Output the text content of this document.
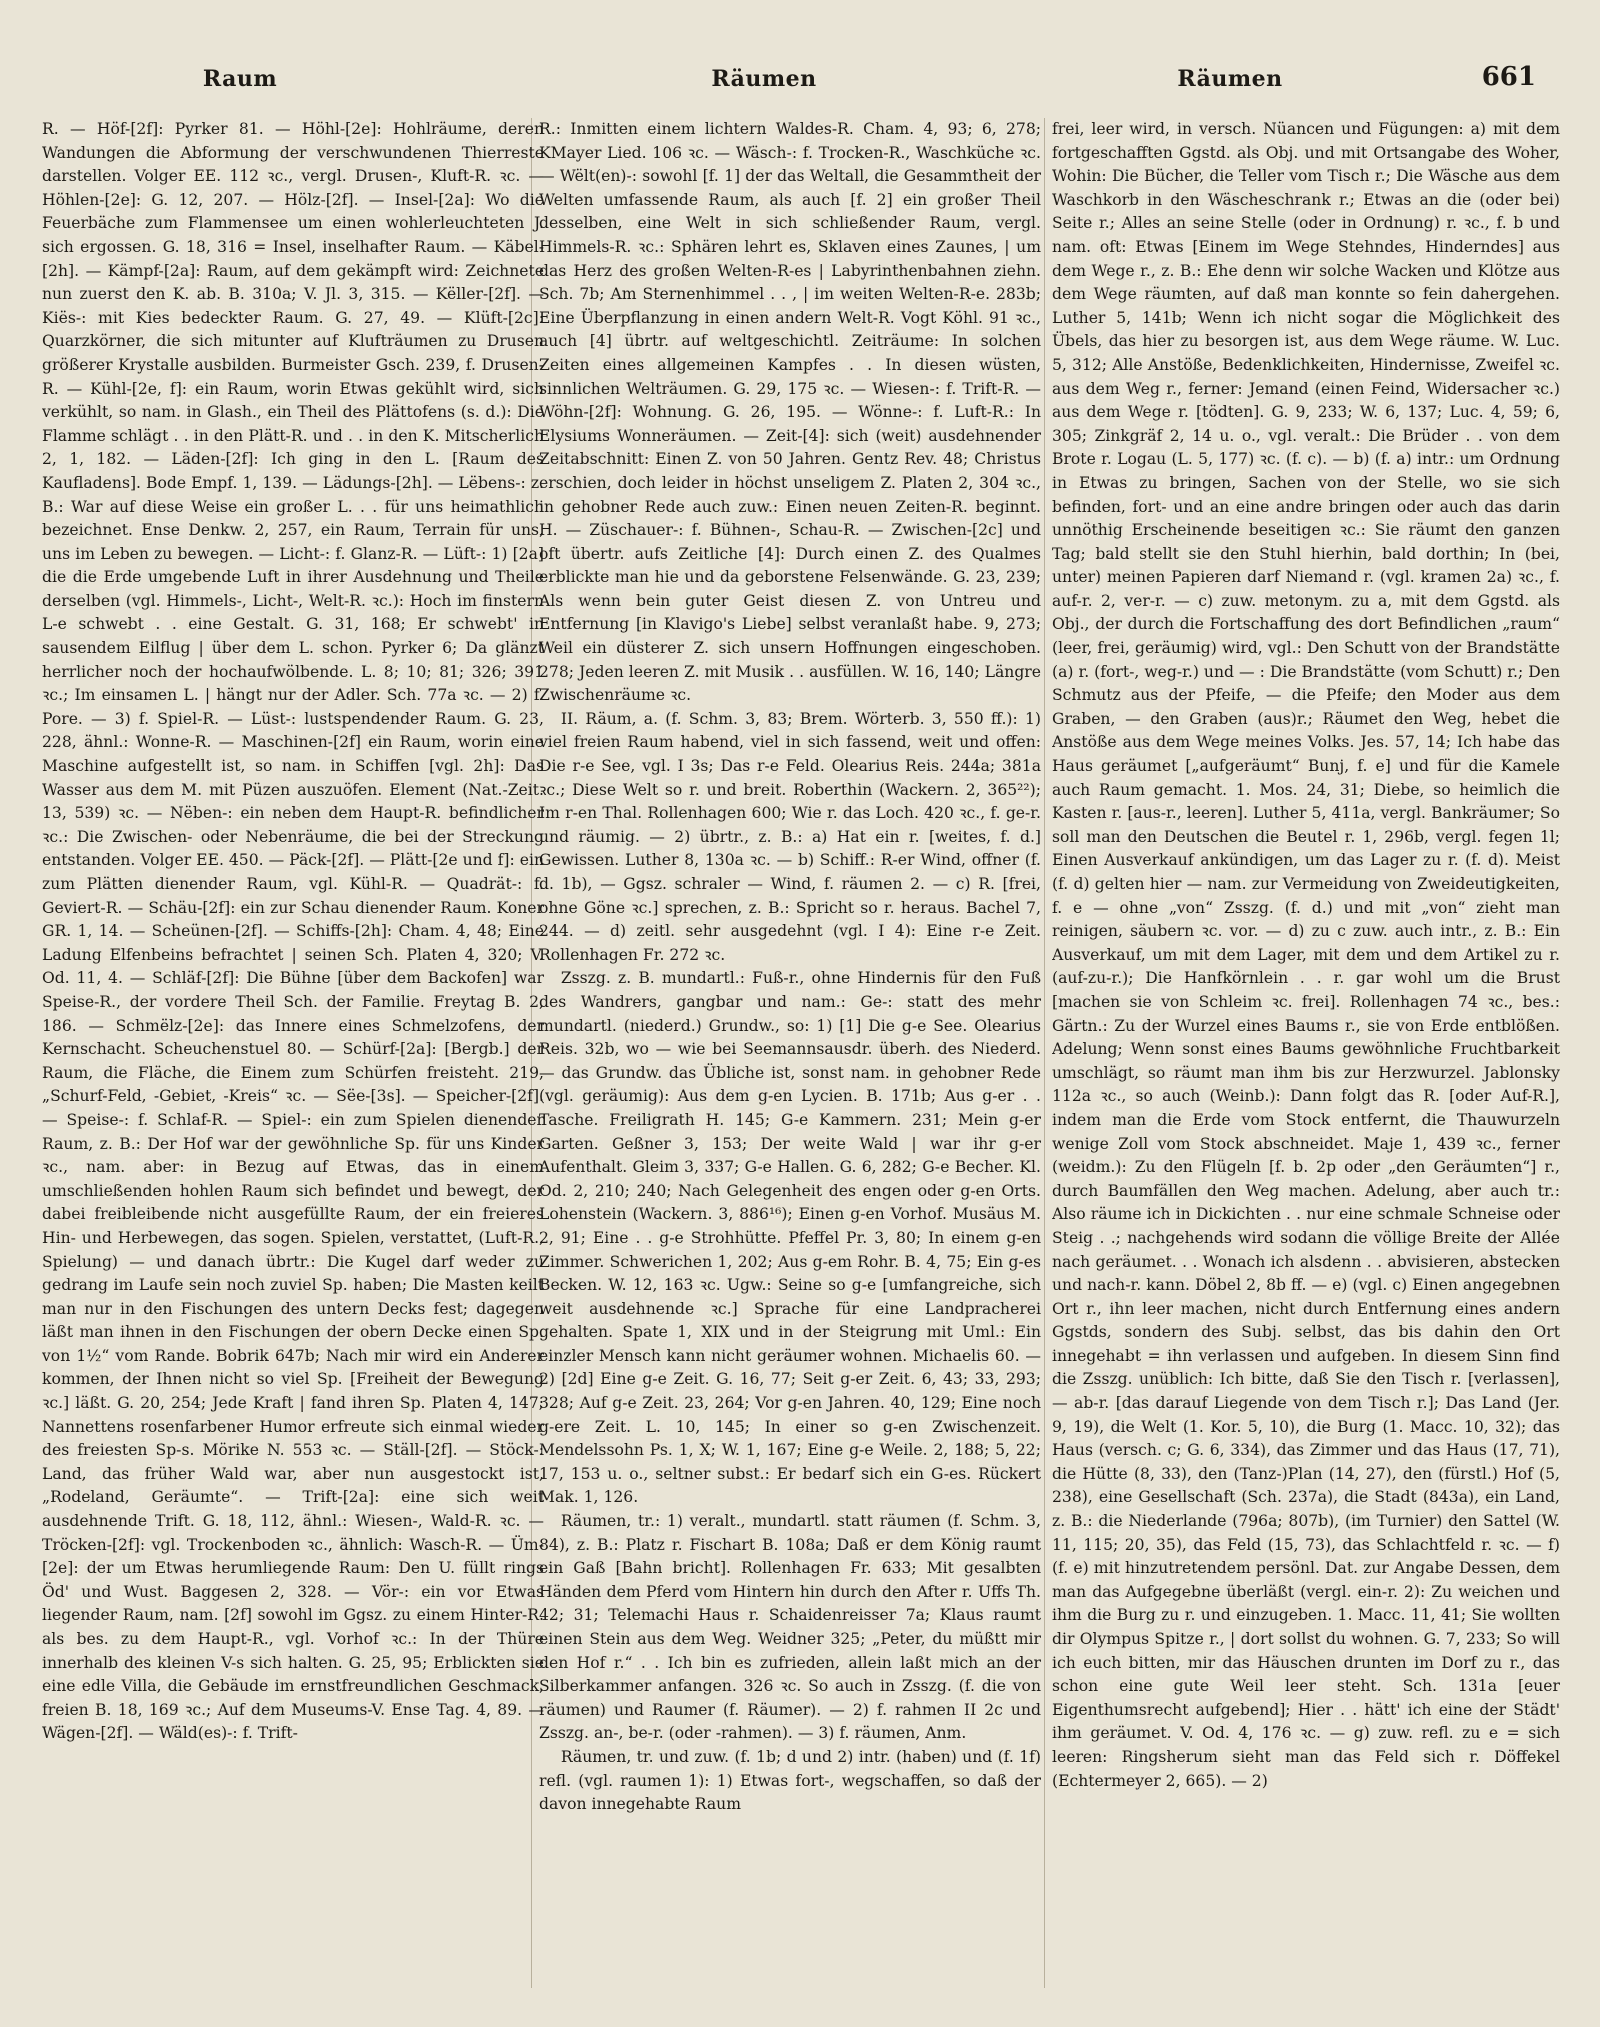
Raum	Räumen	Räumen	661

R. — Höf-[2f]: Pyrker 81. — Höhl-[2e]: Hohlräume, deren Wandungen die Abformung der verschwundenen Thierreste darstellen. Volger EE. 112 ꝛc., vergl. Drusen-, Kluft-R. ꝛc. — Höhlen-[2e]: G. 12, 207. — Hölz-[2f]. — Insel-[2a]: Wo die Feuerbäche zum Flammensee um einen wohlerleuchteten J. sich ergossen. G. 18, 316 = Insel, inselhafter Raum. — Käbel-[2h]. — Kämpf-[2a]: Raum, auf dem gekämpft wird: Zeichnete nun zuerst den K. ab. B. 310a; V. Jl. 3, 315. — Këller-[2f]. — Kiës-: mit Kies bedeckter Raum. G. 27, 49. — Klüft-[2c]: Quarzkörner, die sich mitunter auf Klufträumen zu Drusen größerer Krystalle ausbilden. Burmeister Gsch. 239, f. Drusen-R. — Kühl-[2e, f]: ein Raum, worin Etwas gekühlt wird, sich verkühlt, so nam. in Glash., ein Theil des Plättofens (s. d.): Die Flamme schlägt . . in den Plätt-R. und . . in den K. Mitscherlich 2, 1, 182. — Läden-[2f]: Ich ging in den L. [Raum des Kaufladens]. Bode Empf. 1, 139. — Lädungs-[2h]. — Lëbens-: z. B.: War auf diese Weise ein großer L. . . für uns heimathlich bezeichnet. Ense Denkw. 2, 257, ein Raum, Terrain für uns, uns im Leben zu bewegen. — Licht-: f. Glanz-R. — Lüft-: 1) [2a] die die Erde umgebende Luft in ihrer Ausdehnung und Theile derselben (vgl. Himmels-, Licht-, Welt-R. ꝛc.): Hoch im finstern L-e schwebt . . eine Gestalt. G. 31, 168; Er schwebt' in sausendem Eilflug | über dem L. schon. Pyrker 6; Da glänzt herrlicher noch der hochaufwölbende. L. 8; 10; 81; 326; 391 ꝛc.; Im einsamen L. | hängt nur der Adler. Sch. 77a ꝛc. — 2) f. Pore. — 3) f. Spiel-R. — Lüst-: lustspendender Raum. G. 23, 228, ähnl.: Wonne-R. — Maschinen-[2f] ein Raum, worin eine Maschine aufgestellt ist, so nam. in Schiffen [vgl. 2h]: Das Wasser aus dem M. mit Püzen auszuöfen. Element (Nat.-Zeit. 13, 539) ꝛc. — Nëben-: ein neben dem Haupt-R. befindlicher ꝛc.: Die Zwischen- oder Nebenräume, die bei der Streckung entstanden. Volger EE. 450. — Päck-[2f]. — Plätt-[2e und f]: ein zum Plätten dienender Raum, vgl. Kühl-R. — Quadrät-: f. Geviert-R. — Schäu-[2f]: ein zur Schau dienender Raum. Koner GR. 1, 14. — Scheünen-[2f]. — Schiffs-[2h]: Cham. 4, 48; Eine Ladung Elfenbeins befrachtet | seinen Sch. Platen 4, 320; V. Od. 11, 4. — Schläf-[2f]: Die Bühne [über dem Backofen] war Speise-R., der vordere Theil Sch. der Familie. Freytag B. 2, 186. — Schmëlz-[2e]: das Innere eines Schmelzofens, der Kernschacht. Scheuchenstuel 80. — Schürf-[2a]: [Bergb.] der Raum, die Fläche, die Einem zum Schürfen freisteht. 219, „Schurf-Feld, -Gebiet, -Kreis“ ꝛc. — Sëe-[3s]. — Speicher-[2f]. — Speise-: f. Schlaf-R. — Spiel-: ein zum Spielen dienender Raum, z. B.: Der Hof war der gewöhnliche Sp. für uns Kinder ꝛc., nam. aber: in Bezug auf Etwas, das in einem umschließenden hohlen Raum sich befindet und bewegt, der dabei freibleibende nicht ausgefüllte Raum, der ein freieres Hin- und Herbewegen, das sogen. Spielen, verstattet, (Luft-R., Spielung) — und danach übrtr.: Die Kugel darf weder zu gedrang im Laufe sein noch zuviel Sp. haben; Die Masten keilt man nur in den Fischungen des untern Decks fest; dagegen läßt man ihnen in den Fischungen der obern Decke einen Sp. von 1½“ vom Rande. Bobrik 647b; Nach mir wird ein Anderer kommen, der Ihnen nicht so viel Sp. [Freiheit der Bewegung ꝛc.] läßt. G. 20, 254; Jede Kraft | fand ihren Sp. Platen 4, 147; Nannettens rosenfarbener Humor erfreute sich einmal wieder des freiesten Sp-s. Mörike N. 553 ꝛc. — Ställ-[2f]. — Stöck-: Land, das früher Wald war, aber nun ausgestockt ist, „Rodeland, Geräumte“. — Trift-[2a]: eine sich weit ausdehnende Trift. G. 18, 112, ähnl.: Wiesen-, Wald-R. ꝛc. — Tröcken-[2f]: vgl. Trockenboden ꝛc., ähnlich: Wasch-R. — Üm-[2e]: der um Etwas herumliegende Raum: Den U. füllt rings Öd' und Wust. Baggesen 2, 328. — Vör-: ein vor Etwas liegender Raum, nam. [2f] sowohl im Ggsz. zu einem Hinter-R. als bes. zu dem Haupt-R., vgl. Vorhof ꝛc.: In der Thüre innerhalb des kleinen V-s sich halten. G. 25, 95; Erblickten sie eine edle Villa, die Gebäude im ernstfreundlichen Geschmack, freien B. 18, 169 ꝛc.; Auf dem Museums-V. Ense Tag. 4, 89. — Wägen-[2f]. — Wäld(es)-: f. Trift-

R.: Inmitten einem lichtern Waldes-R. Cham. 4, 93; 6, 278; KMayer Lied. 106 ꝛc. — Wäsch-: f. Trocken-R., Waschküche ꝛc. — Wëlt(en)-: sowohl [f. 1] der das Weltall, die Gesammtheit der Welten umfassende Raum, als auch [f. 2] ein großer Theil desselben, eine Welt in sich schließender Raum, vergl. Himmels-R. ꝛc.: Sphären lehrt es, Sklaven eines Zaunes, | um das Herz des großen Welten-R-es | Labyrinthenbahnen ziehn. Sch. 7b; Am Sternenhimmel . . , | im weiten Welten-R-e. 283b; Eine Überpflanzung in einen andern Welt-R. Vogt Köhl. 91 ꝛc., auch [4] übrtr. auf weltgeschichtl. Zeiträume: In solchen Zeiten eines allgemeinen Kampfes . . In diesen wüsten, sinnlichen Welträumen. G. 29, 175 ꝛc. — Wiesen-: f. Trift-R. — Wöhn-[2f]: Wohnung. G. 26, 195. — Wönne-: f. Luft-R.: In Elysiums Wonneräumen. — Zeit-[4]: sich (weit) ausdehnender Zeitabschnitt: Einen Z. von 50 Jahren. Gentz Rev. 48; Christus erschien, doch leider in höchst unseligem Z. Platen 2, 304 ꝛc., in gehobner Rede auch zuw.: Einen neuen Zeiten-R. beginnt. H. — Züschauer-: f. Bühnen-, Schau-R. — Zwischen-[2c] und oft übertr. aufs Zeitliche [4]: Durch einen Z. des Qualmes erblickte man hie und da geborstene Felsenwände. G. 23, 239; Als wenn bein guter Geist diesen Z. von Untreu und Entfernung [in Klavigo's Liebe] selbst veranlaßt habe. 9, 273; Weil ein düsterer Z. sich unsern Hoffnungen eingeschoben. 278; Jeden leeren Z. mit Musik . . ausfüllen. W. 16, 140; Längre Zwischenräume ꝛc.

II. Räum, a. (f. Schm. 3, 83; Brem. Wörterb. 3, 550 ff.): 1) viel freien Raum habend, viel in sich fassend, weit und offen: Die r-e See, vgl. I 3s; Das r-e Feld. Olearius Reis. 244a; 381a ꝛc.; Diese Welt so r. und breit. Roberthin (Wackern. 2, 365²²); Im r-en Thal. Rollenhagen 600; Wie r. das Loch. 420 ꝛc., f. ge-r. und räumig. — 2) übrtr., z. B.: a) Hat ein r. [weites, f. d.] Gewissen. Luther 8, 130a ꝛc. — b) Schiff.: R-er Wind, offner (f. d. 1b), — Ggsz. schraler — Wind, f. räumen 2. — c) R. [frei, ohne Göne ꝛc.] sprechen, z. B.: Spricht so r. heraus. Bachel 7, 244. — d) zeitl. sehr ausgedehnt (vgl. I 4): Eine r-e Zeit. Rollenhagen Fr. 272 ꝛc.

Zsszg. z. B. mundartl.: Fuß-r., ohne Hindernis für den Fuß des Wandrers, gangbar und nam.: Ge-: statt des mehr mundartl. (niederd.) Grundw., so: 1) [1] Die g-e See. Olearius Reis. 32b, wo — wie bei Seemannsausdr. überh. des Niederd. — das Grundw. das Übliche ist, sonst nam. in gehobner Rede (vgl. geräumig): Aus dem g-en Lycien. B. 171b; Aus g-er . . Tasche. Freiligrath H. 145; G-e Kammern. 231; Mein g-er Garten. Geßner 3, 153; Der weite Wald | war ihr g-er Aufenthalt. Gleim 3, 337; G-e Hallen. G. 6, 282; G-e Becher. Kl. Od. 2, 210; 240; Nach Gelegenheit des engen oder g-en Orts. Lohenstein (Wackern. 3, 886¹⁶); Einen g-en Vorhof. Musäus M. 2, 91; Eine . . g-e Strohhütte. Pfeffel Pr. 3, 80; In einem g-en Zimmer. Schwerichen 1, 202; Aus g-em Rohr. B. 4, 75; Ein g-es Becken. W. 12, 163 ꝛc. Ugw.: Seine so g-e [umfangreiche, sich weit ausdehnende ꝛc.] Sprache für eine Landpracherei gehalten. Spate 1, XIX und in der Steigrung mit Uml.: Ein einzler Mensch kann nicht geräumer wohnen. Michaelis 60. — 2) [2d] Eine g-e Zeit. G. 16, 77; Seit g-er Zeit. 6, 43; 33, 293; 328; Auf g-e Zeit. 23, 264; Vor g-en Jahren. 40, 129; Eine noch g-ere Zeit. L. 10, 145; In einer so g-en Zwischenzeit. Mendelssohn Ps. 1, X; W. 1, 167; Eine g-e Weile. 2, 188; 5, 22; 17, 153 u. o., seltner subst.: Er bedarf sich ein G-es. Rückert Mak. 1, 126.

Räumen, tr.: 1) veralt., mundartl. statt räumen (f. Schm. 3, 84), z. B.: Platz r. Fischart B. 108a; Daß er dem König raumt ein Gaß [Bahn bricht]. Rollenhagen Fr. 633; Mit gesalbten Händen dem Pferd vom Hintern hin durch den After r. Uffs Th. 42; 31; Telemachi Haus r. Schaidenreisser 7a; Klaus raumt einen Stein aus dem Weg. Weidner 325; „Peter, du müßtt mir den Hof r.“ . . Ich bin es zufrieden, allein laßt mich an der Silberkammer anfangen. 326 ꝛc. So auch in Zsszg. (f. die von räumen) und Raumer (f. Räumer). — 2) f. rahmen II 2c und Zsszg. an-, be-r. (oder -rahmen). — 3) f. räumen, Anm.

Räumen, tr. und zuw. (f. 1b; d und 2) intr. (haben) und (f. 1f) refl. (vgl. raumen 1): 1) Etwas fort-, wegschaffen, so daß der davon innegehabte Raum

frei, leer wird, in versch. Nüancen und Fügungen: a) mit dem fortgeschafften Ggstd. als Obj. und mit Ortsangabe des Woher, Wohin: Die Bücher, die Teller vom Tisch r.; Die Wäsche aus dem Waschkorb in den Wäscheschrank r.; Etwas an die (oder bei) Seite r.; Alles an seine Stelle (oder in Ordnung) r. ꝛc., f. b und nam. oft: Etwas [Einem im Wege Stehndes, Hinderndes] aus dem Wege r., z. B.: Ehe denn wir solche Wacken und Klötze aus dem Wege räumten, auf daß man konnte so fein dahergehen. Luther 5, 141b; Wenn ich nicht sogar die Möglichkeit des Übels, das hier zu besorgen ist, aus dem Wege räume. W. Luc. 5, 312; Alle Anstöße, Bedenklichkeiten, Hindernisse, Zweifel ꝛc. aus dem Weg r., ferner: Jemand (einen Feind, Widersacher ꝛc.) aus dem Wege r. [tödten]. G. 9, 233; W. 6, 137; Luc. 4, 59; 6, 305; Zinkgräf 2, 14 u. o., vgl. veralt.: Die Brüder . . von dem Brote r. Logau (L. 5, 177) ꝛc. (f. c). — b) (f. a) intr.: um Ordnung in Etwas zu bringen, Sachen von der Stelle, wo sie sich befinden, fort- und an eine andre bringen oder auch das darin unnöthig Erscheinende beseitigen ꝛc.: Sie räumt den ganzen Tag; bald stellt sie den Stuhl hierhin, bald dorthin; In (bei, unter) meinen Papieren darf Niemand r. (vgl. kramen 2a) ꝛc., f. auf-r. 2, ver-r. — c) zuw. metonym. zu a, mit dem Ggstd. als Obj., der durch die Fortschaffung des dort Befindlichen „raum“ (leer, frei, geräumig) wird, vgl.: Den Schutt von der Brandstätte (a) r. (fort-, weg-r.) und — : Die Brandstätte (vom Schutt) r.; Den Schmutz aus der Pfeife, — die Pfeife; den Moder aus dem Graben, — den Graben (aus)r.; Räumet den Weg, hebet die Anstöße aus dem Wege meines Volks. Jes. 57, 14; Ich habe das Haus geräumet [„aufgeräumt“ Bunj, f. e] und für die Kamele auch Raum gemacht. 1. Mos. 24, 31; Diebe, so heimlich die Kasten r. [aus-r., leeren]. Luther 5, 411a, vergl. Bankräumer; So soll man den Deutschen die Beutel r. 1, 296b, vergl. fegen 1l; Einen Ausverkauf ankündigen, um das Lager zu r. (f. d). Meist (f. d) gelten hier — nam. zur Vermeidung von Zweideutigkeiten, f. e — ohne „von“ Zsszg. (f. d.) und mit „von“ zieht man reinigen, säubern ꝛc. vor. — d) zu c zuw. auch intr., z. B.: Ein Ausverkauf, um mit dem Lager, mit dem und dem Artikel zu r. (auf-zu-r.); Die Hanfkörnlein . . r. gar wohl um die Brust [machen sie von Schleim ꝛc. frei]. Rollenhagen 74 ꝛc., bes.: Gärtn.: Zu der Wurzel eines Baums r., sie von Erde entblößen. Adelung; Wenn sonst eines Baums gewöhnliche Fruchtbarkeit umschlägt, so räumt man ihm bis zur Herzwurzel. Jablonsky 112a ꝛc., so auch (Weinb.): Dann folgt das R. [oder Auf-R.], indem man die Erde vom Stock entfernt, die Thauwurzeln wenige Zoll vom Stock abschneidet. Maje 1, 439 ꝛc., ferner (weidm.): Zu den Flügeln [f. b. 2p oder „den Geräumten“] r., durch Baumfällen den Weg machen. Adelung, aber auch tr.: Also räume ich in Dickichten . . nur eine schmale Schneise oder Steig . .; nachgehends wird sodann die völlige Breite der Allée nach geräumet. . . Wonach ich alsdenn . . abvisieren, abstecken und nach-r. kann. Döbel 2, 8b ff. — e) (vgl. c) Einen angegebnen Ort r., ihn leer machen, nicht durch Entfernung eines andern Ggstds, sondern des Subj. selbst, das bis dahin den Ort innegehabt = ihn verlassen und aufgeben. In diesem Sinn find die Zsszg. unüblich: Ich bitte, daß Sie den Tisch r. [verlassen], — ab-r. [das darauf Liegende von dem Tisch r.]; Das Land (Jer. 9, 19), die Welt (1. Kor. 5, 10), die Burg (1. Macc. 10, 32); das Haus (versch. c; G. 6, 334), das Zimmer und das Haus (17, 71), die Hütte (8, 33), den (Tanz-)Plan (14, 27), den (fürstl.) Hof (5, 238), eine Gesellschaft (Sch. 237a), die Stadt (843a), ein Land, z. B.: die Niederlande (796a; 807b), (im Turnier) den Sattel (W. 11, 115; 20, 35), das Feld (15, 73), das Schlachtfeld r. ꝛc. — f) (f. e) mit hinzutretendem persönl. Dat. zur Angabe Dessen, dem man das Aufgegebne überläßt (vergl. ein-r. 2): Zu weichen und ihm die Burg zu r. und einzugeben. 1. Macc. 11, 41; Sie wollten dir Olympus Spitze r., | dort sollst du wohnen. G. 7, 233; So will ich euch bitten, mir das Häuschen drunten im Dorf zu r., das schon eine gute Weil leer steht. Sch. 131a [euer Eigenthumsrecht aufgebend]; Hier . . hätt' ich eine der Städt' ihm geräumet. V. Od. 4, 176 ꝛc. — g) zuw. refl. zu e = sich leeren: Ringsherum sieht man das Feld sich r. Döffekel (Echtermeyer 2, 665). — 2)
